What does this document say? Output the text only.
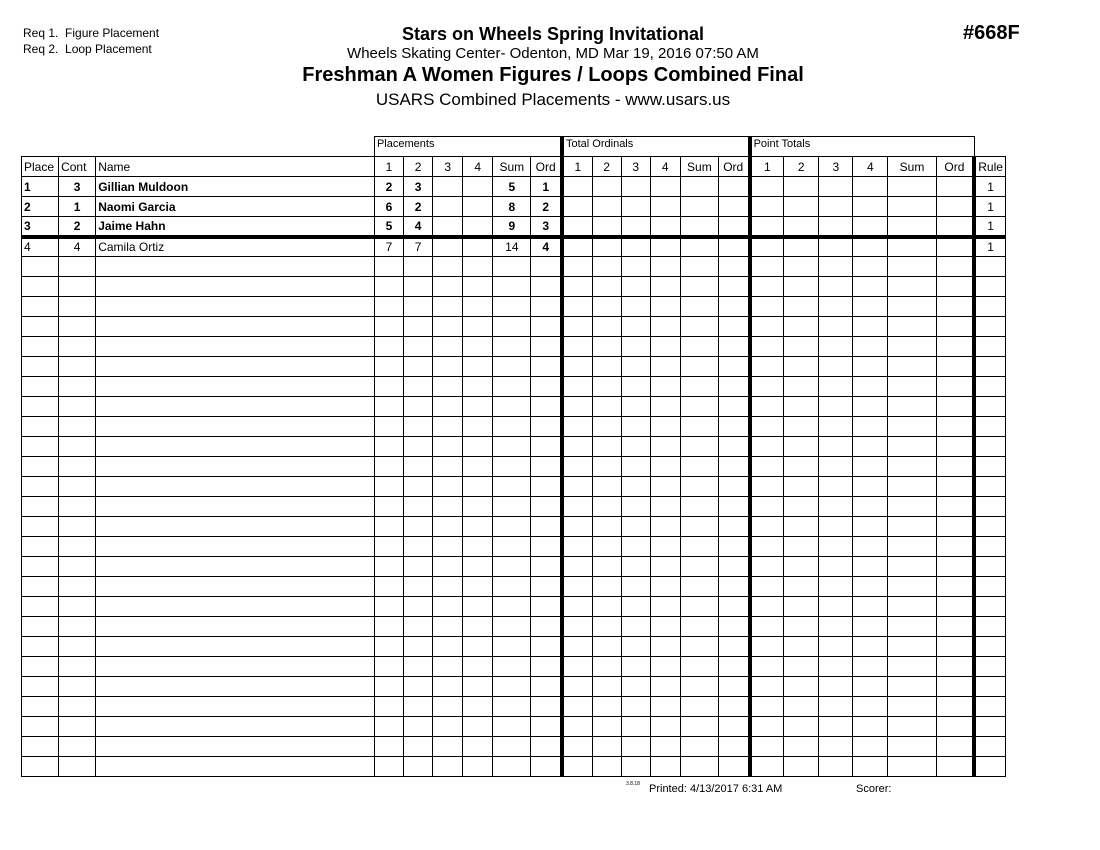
Req 1.  Figure Placement
Req 2.  Loop Placement
#668F
Stars on Wheels Spring Invitational
Wheels Skating Center- Odenton, MD Mar 19, 2016 07:50 AM
Freshman A Women Figures / Loops Combined Final
USARS Combined Placements - www.usars.us
			Placements						Total Ordinals						Point Totals						
Place	Cont	Name	1	2	3	4	Sum	Ord	1	2	3	4	Sum	Ord	1	2	3	4	Sum	Ord	Rule
1	3	Gillian Muldoon	2	3			5	1													1
2	1	Naomi Garcia	6	2			8	2													1
3	2	Jaime Hahn	5	4			9	3													1
4	4	Camila Ortiz	7	7			14	4													1

3.8.18 Printed: 4/13/2017 6:31 AM	Scorer:
